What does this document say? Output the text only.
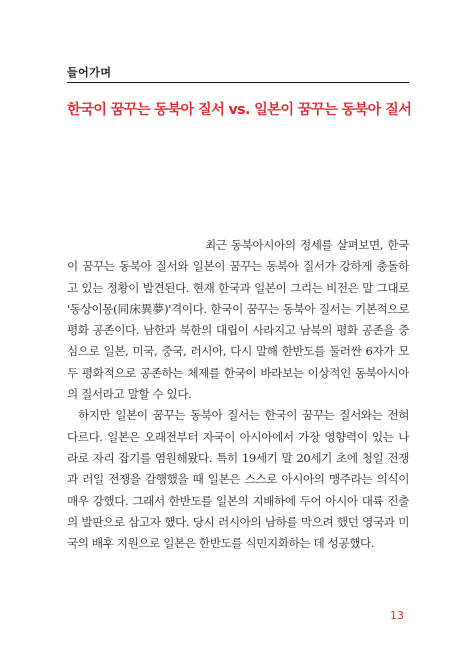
들어가며
한국이 꿈꾸는 동북아 질서 vs. 일본이 꿈꾸는 동북아 질서

최근 동북아시아의 정세를 살펴보면, 한국이 꿈꾸는 동북아 질서와 일본이 꿈꾸는 동북아 질서가 강하게 충돌하고 있는 정황이 발견된다. 현재 한국과 일본이 그리는 비전은 말 그대로 '동상이몽(同床異夢)'격이다. 한국이 꿈꾸는 동북아 질서는 기본적으로 평화 공존이다. 남한과 북한의 대립이 사라지고 남북의 평화 공존을 중심으로 일본, 미국, 중국, 러시아, 다시 말해 한반도를 둘러싼 6자가 모두 평화적으로 공존하는 체제를 한국이 바라보는 이상적인 동북아시아의 질서라고 말할 수 있다.

하지만 일본이 꿈꾸는 동북아 질서는 한국이 꿈꾸는 질서와는 전혀 다르다. 일본은 오래전부터 자국이 아시아에서 가장 영향력이 있는 나라로 자리 잡기를 염원해왔다. 특히 19세기 말 20세기 초에 청일 전쟁과 러일 전쟁을 감행했을 때 일본은 스스로 아시아의 맹주라는 의식이 매우 강했다. 그래서 한반도를 일본의 지배하에 두어 아시아 대륙 진출의 발판으로 삼고자 했다. 당시 러시아의 남하를 막으려 했던 영국과 미국의 배후 지원으로 일본은 한반도를 식민지화하는 데 성공했다.

13
